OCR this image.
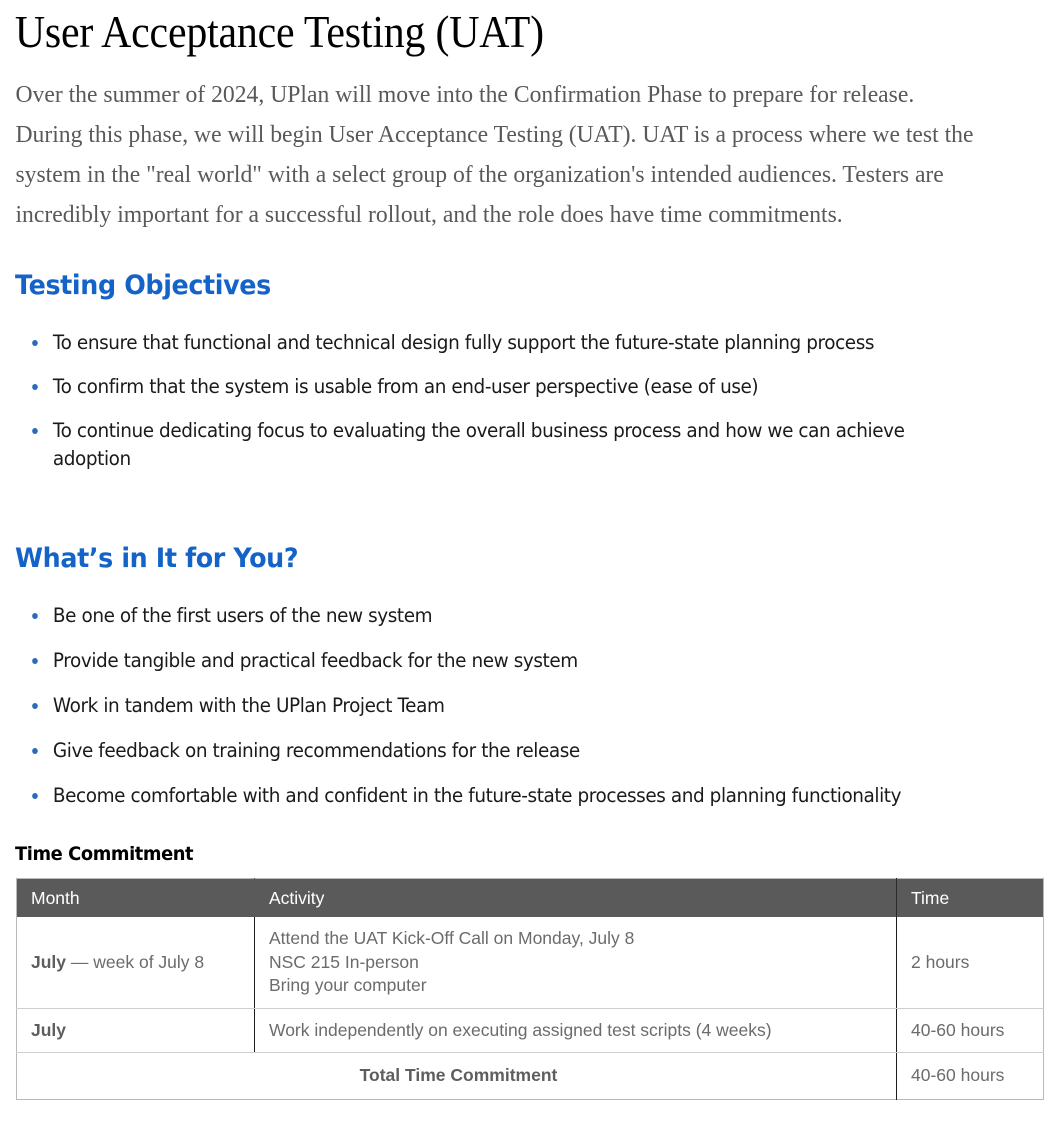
User Acceptance Testing (UAT)

Over the summer of 2024, UPlan will move into the Confirmation Phase to prepare for release. During this phase, we will begin User Acceptance Testing (UAT). UAT is a process where we test the system in the "real world" with a select group of the organization's intended audiences. Testers are incredibly important for a successful rollout, and the role does have time commitments.

Testing Objectives
To ensure that functional and technical design fully support the future-state planning process
To confirm that the system is usable from an end-user perspective (ease of use)
To continue dedicating focus to evaluating the overall business process and how we can achieve adoption
What’s in It for You?
Be one of the first users of the new system
Provide tangible and practical feedback for the new system
Work in tandem with the UPlan Project Team
Give feedback on training recommendations for the release
Become comfortable with and confident in the future-state processes and planning functionality
Time Commitment
Month	Activity	Time
July — week of July 8	Attend the UAT Kick-Off Call on Monday, July 8
NSC 215 In-person
Bring your computer	2 hours
July	Work independently on executing assigned test scripts (4 weeks)	40-60 hours
Total Time Commitment		40-60 hours
